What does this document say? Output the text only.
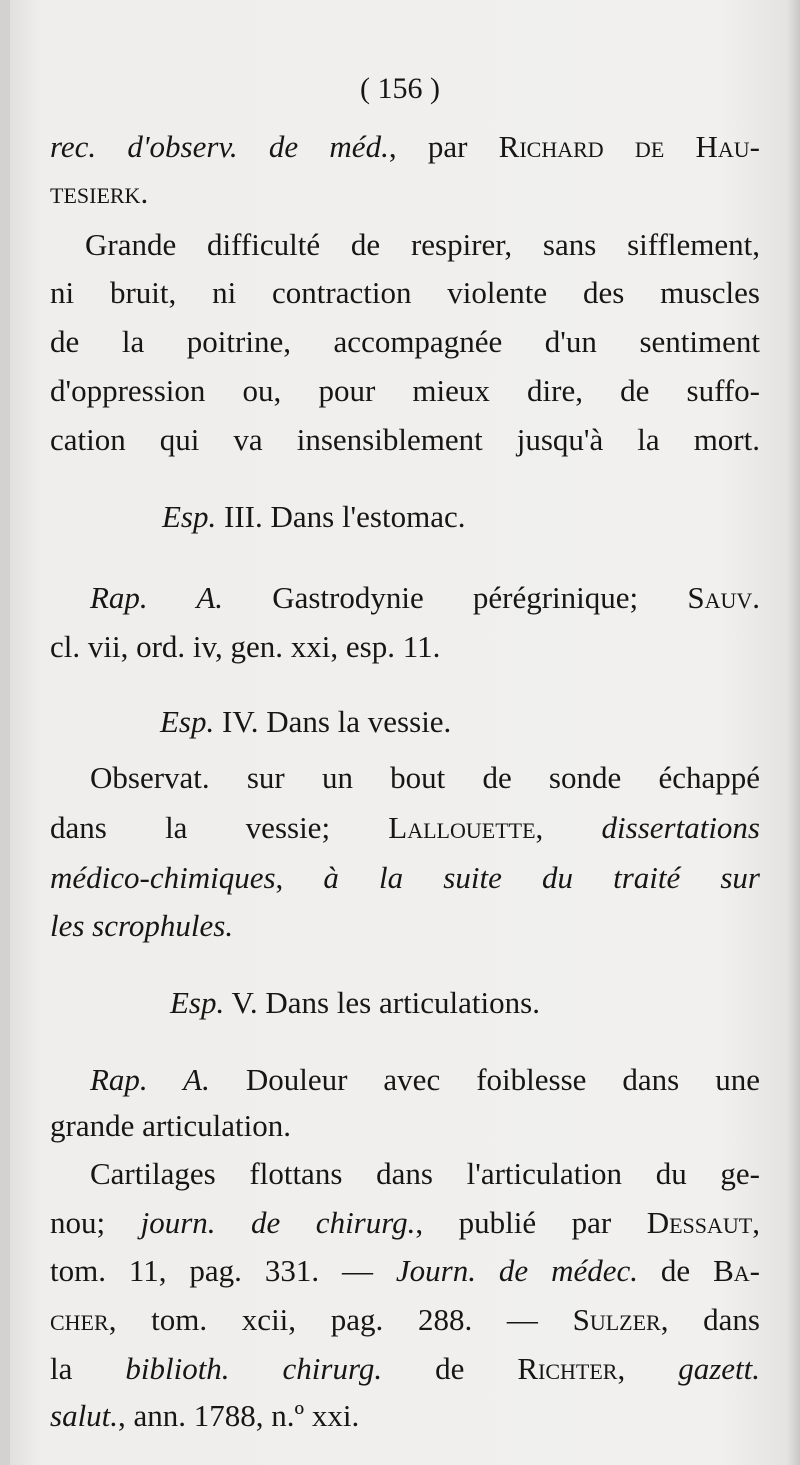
( 156 )
rec. d'observ. de méd., par Richard de Hau-
tesierk.
Grande difficulté de respirer, sans sifflement,
ni bruit, ni contraction violente des muscles
de la poitrine, accompagnée d'un sentiment
d'oppression ou, pour mieux dire, de suffo-
cation qui va insensiblement jusqu'à la mort.
Esp. III. Dans l'estomac.
Rap. A. Gastrodynie pérégrinique; Sauv.
cl. vii, ord. iv, gen. xxi, esp. 11.
Esp. IV. Dans la vessie.
Observat. sur un bout de sonde échappé
dans la vessie; Lallouette, dissertations
médico-chimiques, à la suite du traité sur
les scrophules.
Esp. V. Dans les articulations.
Rap. A. Douleur avec foiblesse dans une
grande articulation.
Cartilages flottans dans l'articulation du ge-
nou; journ. de chirurg., publié par Dessaut,
tom. 11, pag. 331. — Journ. de médec. de Ba-
cher, tom. xcii, pag. 288. — Sulzer, dans
la biblioth. chirurg. de Richter, gazett.
salut., ann. 1788, n.º xxi.
